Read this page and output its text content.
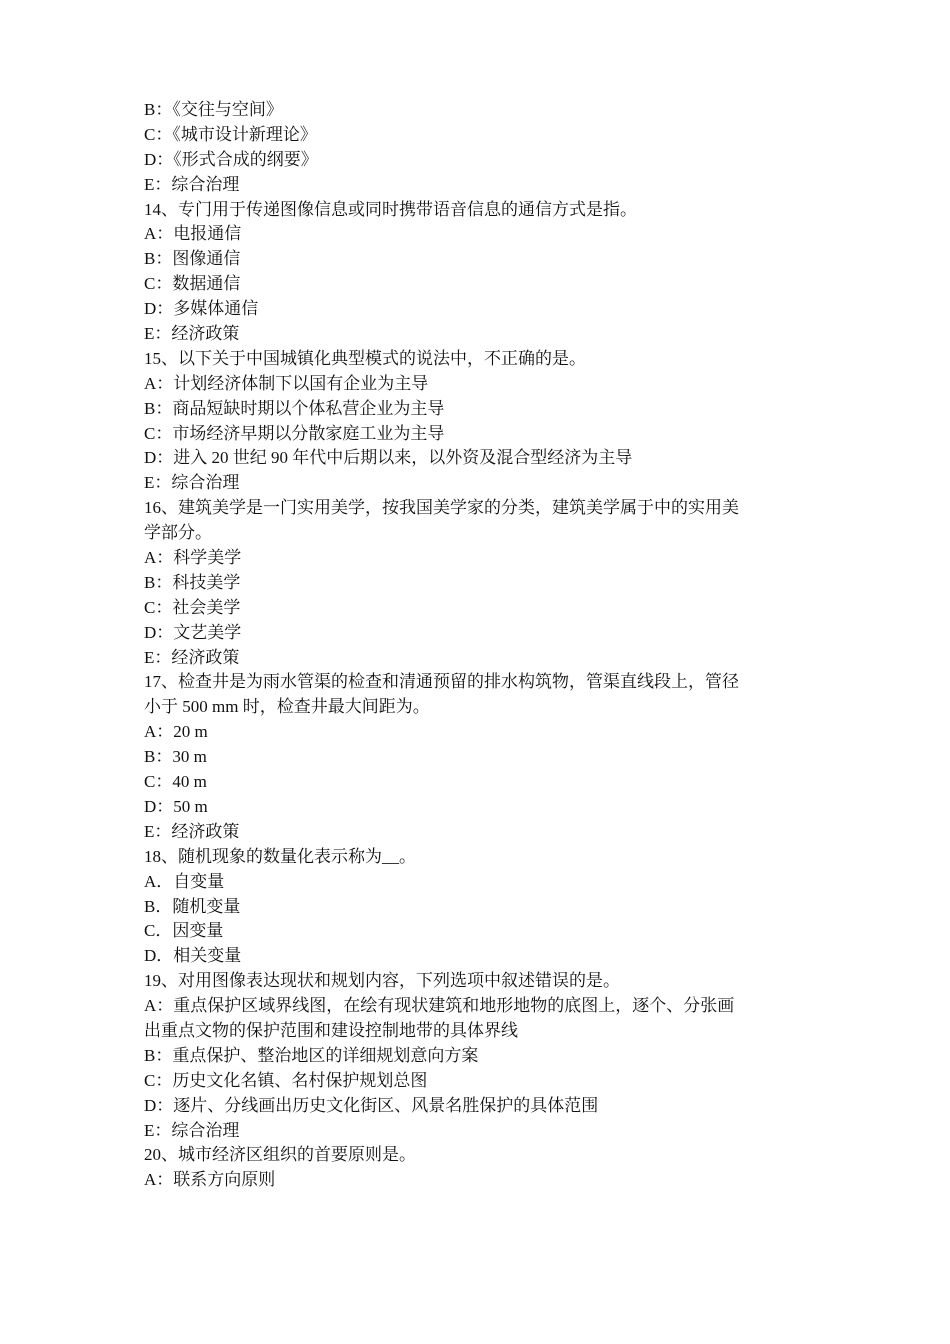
B：《交往与空间》
C：《城市设计新理论》
D：《形式合成的纲要》
E：综合治理
14、专门用于传递图像信息或同时携带语音信息的通信方式是指。
A：电报通信
B：图像通信
C：数据通信
D：多媒体通信
E：经济政策
15、以下关于中国城镇化典型模式的说法中，不正确的是。
A：计划经济体制下以国有企业为主导
B：商品短缺时期以个体私营企业为主导
C：市场经济早期以分散家庭工业为主导
D：进入 20 世纪 90 年代中后期以来，以外资及混合型经济为主导
E：综合治理
16、建筑美学是一门实用美学，按我国美学家的分类，建筑美学属于中的实用美
学部分。
A：科学美学
B：科技美学
C：社会美学
D：文艺美学
E：经济政策
17、检查井是为雨水管渠的检查和清通预留的排水构筑物，管渠直线段上，管径
小于 500 mm 时，检查井最大间距为。
A：20 m
B：30 m
C：40 m
D：50 m
E：经济政策
18、随机现象的数量化表示称为__。
A．自变量
B．随机变量
C．因变量
D．相关变量
19、对用图像表达现状和规划内容，下列选项中叙述错误的是。
A：重点保护区域界线图，在绘有现状建筑和地形地物的底图上，逐个、分张画
出重点文物的保护范围和建设控制地带的具体界线
B：重点保护、整治地区的详细规划意向方案
C：历史文化名镇、名村保护规划总图
D：逐片、分线画出历史文化街区、风景名胜保护的具体范围
E：综合治理
20、城市经济区组织的首要原则是。
A：联系方向原则
